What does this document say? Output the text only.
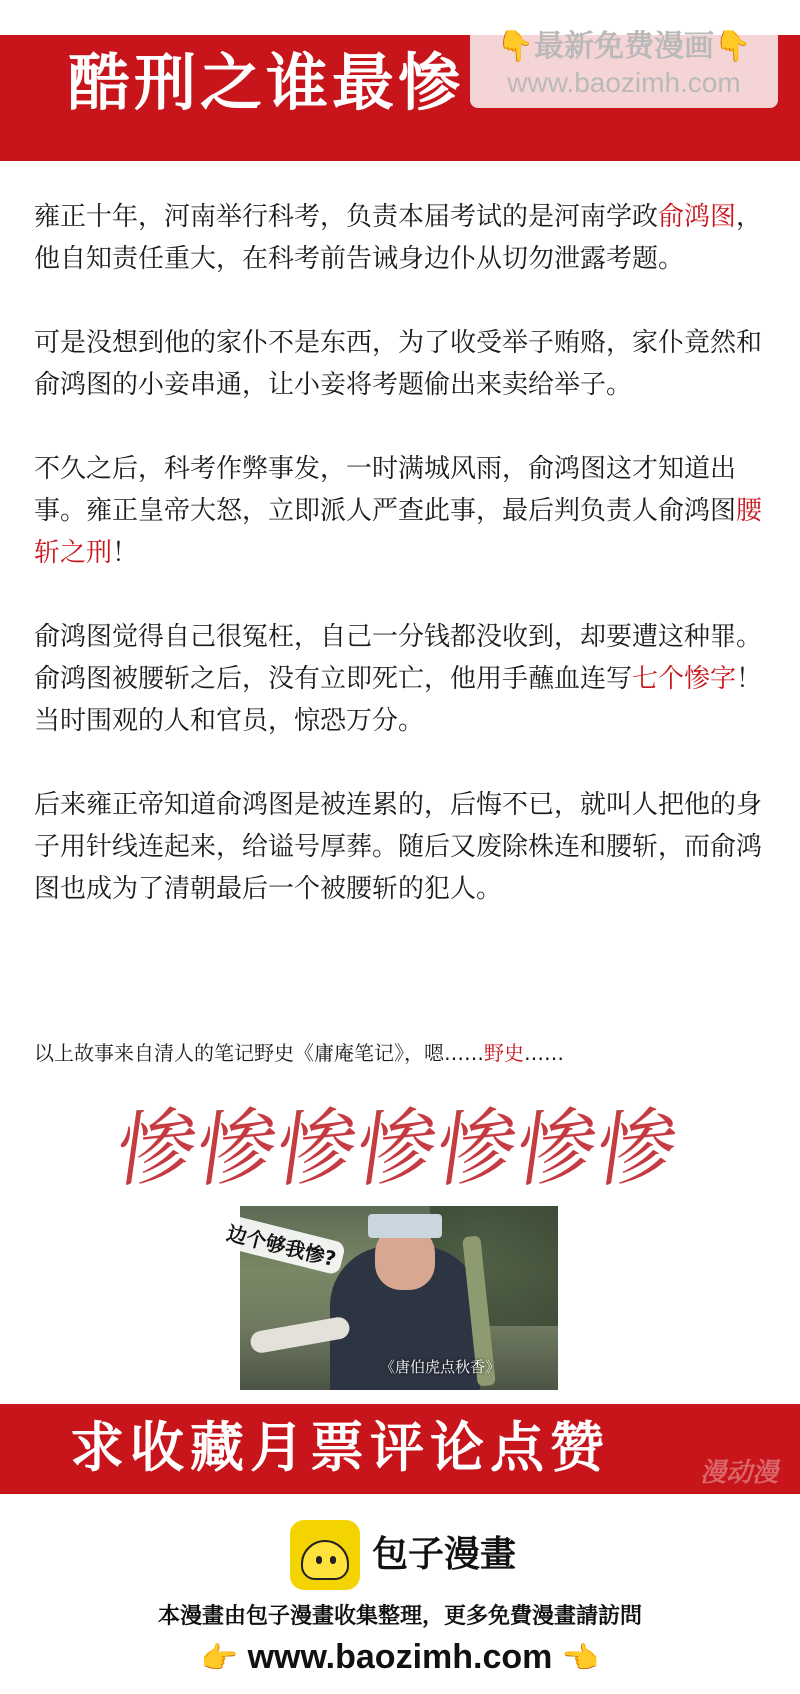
酷刑之谁最惨	👇最新免费漫画👇
www.baozimh.com

雍正十年，河南举行科考，负责本届考试的是河南学政俞鸿图，他自知责任重大，在科考前告诫身边仆从切勿泄露考题。

可是没想到他的家仆不是东西，为了收受举子贿赂，家仆竟然和俞鸿图的小妾串通，让小妾将考题偷出来卖给举子。

不久之后，科考作弊事发，一时满城风雨，俞鸿图这才知道出事。雍正皇帝大怒，立即派人严查此事，最后判负责人俞鸿图腰斩之刑！

俞鸿图觉得自己很冤枉，自己一分钱都没收到，却要遭这种罪。俞鸿图被腰斩之后，没有立即死亡，他用手蘸血连写七个惨字！当时围观的人和官员，惊恐万分。

后来雍正帝知道俞鸿图是被连累的，后悔不已，就叫人把他的身子用针线连起来，给谥号厚葬。随后又废除株连和腰斩，而俞鸿图也成为了清朝最后一个被腰斩的犯人。

以上故事来自清人的笔记野史《庸庵笔记》，嗯……野史……
惨
惨
惨
惨
惨
惨
惨
边个够我惨?
《唐伯虎点秋香》
求收藏月票评论点赞	漫动漫
包子漫畫
本漫畫由包子漫畫收集整理，更多免費漫畫請訪問
👉 www.baozimh.com 👈
